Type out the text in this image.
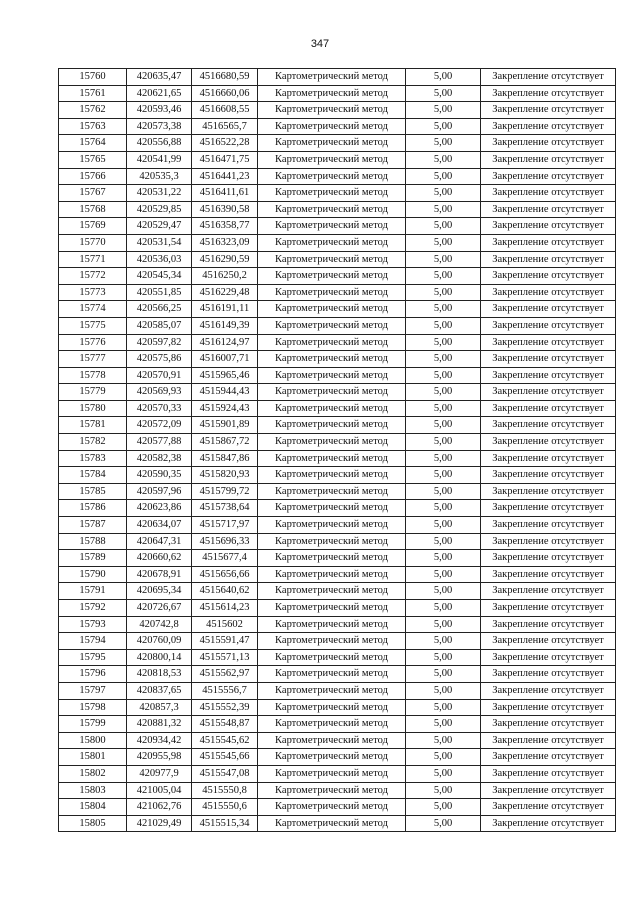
347
15760	420635,47	4516680,59	Картометрический метод	5,00	Закрепление отсутствует
15761	420621,65	4516660,06	Картометрический метод	5,00	Закрепление отсутствует
15762	420593,46	4516608,55	Картометрический метод	5,00	Закрепление отсутствует
15763	420573,38	4516565,7	Картометрический метод	5,00	Закрепление отсутствует
15764	420556,88	4516522,28	Картометрический метод	5,00	Закрепление отсутствует
15765	420541,99	4516471,75	Картометрический метод	5,00	Закрепление отсутствует
15766	420535,3	4516441,23	Картометрический метод	5,00	Закрепление отсутствует
15767	420531,22	4516411,61	Картометрический метод	5,00	Закрепление отсутствует
15768	420529,85	4516390,58	Картометрический метод	5,00	Закрепление отсутствует
15769	420529,47	4516358,77	Картометрический метод	5,00	Закрепление отсутствует
15770	420531,54	4516323,09	Картометрический метод	5,00	Закрепление отсутствует
15771	420536,03	4516290,59	Картометрический метод	5,00	Закрепление отсутствует
15772	420545,34	4516250,2	Картометрический метод	5,00	Закрепление отсутствует
15773	420551,85	4516229,48	Картометрический метод	5,00	Закрепление отсутствует
15774	420566,25	4516191,11	Картометрический метод	5,00	Закрепление отсутствует
15775	420585,07	4516149,39	Картометрический метод	5,00	Закрепление отсутствует
15776	420597,82	4516124,97	Картометрический метод	5,00	Закрепление отсутствует
15777	420575,86	4516007,71	Картометрический метод	5,00	Закрепление отсутствует
15778	420570,91	4515965,46	Картометрический метод	5,00	Закрепление отсутствует
15779	420569,93	4515944,43	Картометрический метод	5,00	Закрепление отсутствует
15780	420570,33	4515924,43	Картометрический метод	5,00	Закрепление отсутствует
15781	420572,09	4515901,89	Картометрический метод	5,00	Закрепление отсутствует
15782	420577,88	4515867,72	Картометрический метод	5,00	Закрепление отсутствует
15783	420582,38	4515847,86	Картометрический метод	5,00	Закрепление отсутствует
15784	420590,35	4515820,93	Картометрический метод	5,00	Закрепление отсутствует
15785	420597,96	4515799,72	Картометрический метод	5,00	Закрепление отсутствует
15786	420623,86	4515738,64	Картометрический метод	5,00	Закрепление отсутствует
15787	420634,07	4515717,97	Картометрический метод	5,00	Закрепление отсутствует
15788	420647,31	4515696,33	Картометрический метод	5,00	Закрепление отсутствует
15789	420660,62	4515677,4	Картометрический метод	5,00	Закрепление отсутствует
15790	420678,91	4515656,66	Картометрический метод	5,00	Закрепление отсутствует
15791	420695,34	4515640,62	Картометрический метод	5,00	Закрепление отсутствует
15792	420726,67	4515614,23	Картометрический метод	5,00	Закрепление отсутствует
15793	420742,8	4515602	Картометрический метод	5,00	Закрепление отсутствует
15794	420760,09	4515591,47	Картометрический метод	5,00	Закрепление отсутствует
15795	420800,14	4515571,13	Картометрический метод	5,00	Закрепление отсутствует
15796	420818,53	4515562,97	Картометрический метод	5,00	Закрепление отсутствует
15797	420837,65	4515556,7	Картометрический метод	5,00	Закрепление отсутствует
15798	420857,3	4515552,39	Картометрический метод	5,00	Закрепление отсутствует
15799	420881,32	4515548,87	Картометрический метод	5,00	Закрепление отсутствует
15800	420934,42	4515545,62	Картометрический метод	5,00	Закрепление отсутствует
15801	420955,98	4515545,66	Картометрический метод	5,00	Закрепление отсутствует
15802	420977,9	4515547,08	Картометрический метод	5,00	Закрепление отсутствует
15803	421005,04	4515550,8	Картометрический метод	5,00	Закрепление отсутствует
15804	421062,76	4515550,6	Картометрический метод	5,00	Закрепление отсутствует
15805	421029,49	4515515,34	Картометрический метод	5,00	Закрепление отсутствует
